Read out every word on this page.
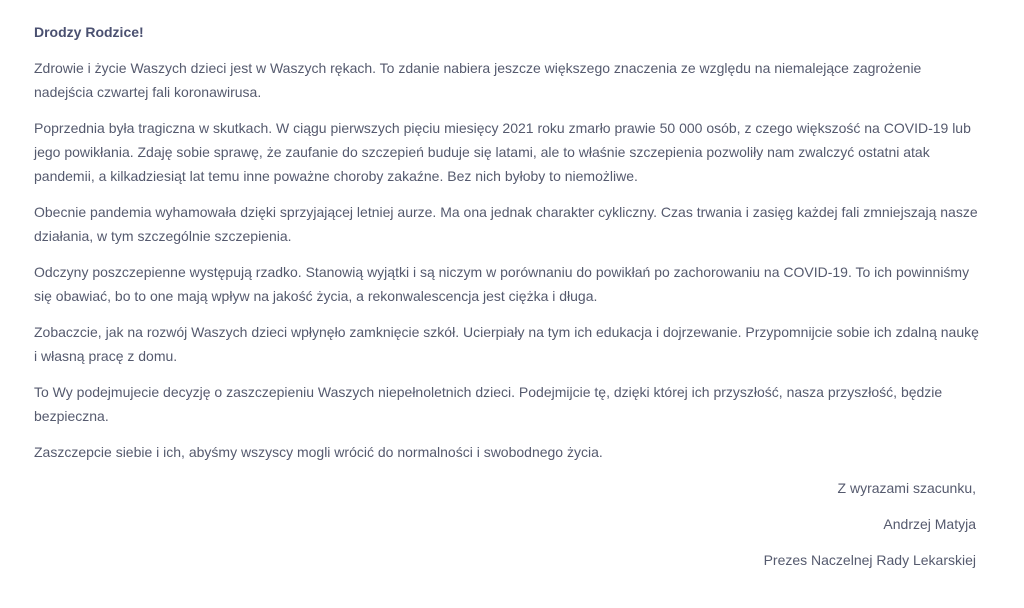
Drodzy Rodzice!

Zdrowie i życie Waszych dzieci jest w Waszych rękach. To zdanie nabiera jeszcze większego znaczenia ze względu na niemalejące zagrożenie nadejścia czwartej fali koronawirusa.

Poprzednia była tragiczna w skutkach. W ciągu pierwszych pięciu miesięcy 2021 roku zmarło prawie 50 000 osób, z czego większość na COVID-19 lub jego powikłania. Zdaję sobie sprawę, że zaufanie do szczepień buduje się latami, ale to właśnie szczepienia pozwoliły nam zwalczyć ostatni atak pandemii, a kilkadziesiąt lat temu inne poważne choroby zakaźne. Bez nich byłoby to niemożliwe.

Obecnie pandemia wyhamowała dzięki sprzyjającej letniej aurze. Ma ona jednak charakter cykliczny. Czas trwania i zasięg każdej fali zmniejszają nasze działania, w tym szczególnie szczepienia.

Odczyny poszczepienne występują rzadko. Stanowią wyjątki i są niczym w porównaniu do powikłań po zachorowaniu na COVID-19. To ich powinniśmy się obawiać, bo to one mają wpływ na jakość życia, a rekonwalescencja jest ciężka i długa.

Zobaczcie, jak na rozwój Waszych dzieci wpłynęło zamknięcie szkół. Ucierpiały na tym ich edukacja i dojrzewanie. Przypomnijcie sobie ich zdalną naukę i własną pracę z domu.

To Wy podejmujecie decyzję o zaszczepieniu Waszych niepełnoletnich dzieci. Podejmijcie tę, dzięki której ich przyszłość, nasza przyszłość, będzie bezpieczna.

Zaszczepcie siebie i ich, abyśmy wszyscy mogli wrócić do normalności i swobodnego życia.

Z wyrazami szacunku,

Andrzej Matyja

Prezes Naczelnej Rady Lekarskiej
